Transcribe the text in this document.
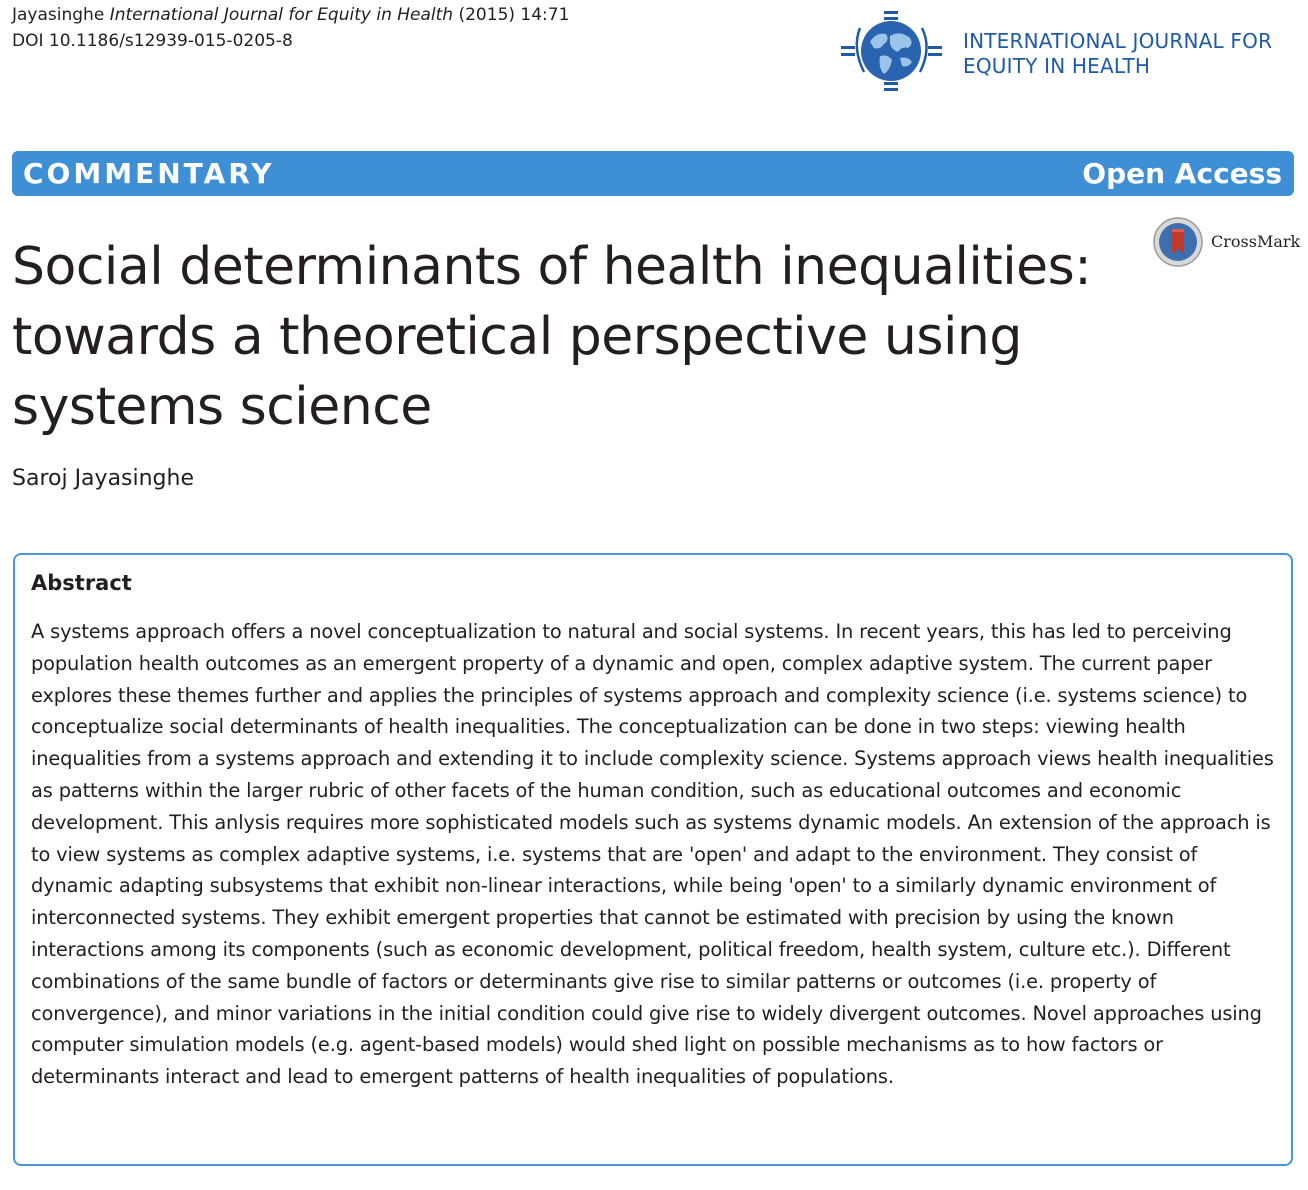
Jayasinghe International Journal for Equity in Health (2015) 14:71
DOI 10.1186/s12939-015-0205-8	INTERNATIONAL JOURNAL FOR
EQUITY IN HEALTH
COMMENTARY	Open Access
CrossMark
Social determinants of health inequalities: towards a theoretical perspective using systems science
Saroj Jayasinghe
Abstract

A systems approach offers a novel conceptualization to natural and social systems. In recent years, this has led to perceiving population health outcomes as an emergent property of a dynamic and open, complex adaptive system. The current paper explores these themes further and applies the principles of systems approach and complexity science (i.e. systems science) to conceptualize social determinants of health inequalities. The conceptualization can be done in two steps: viewing health inequalities from a systems approach and extending it to include complexity science. Systems approach views health inequalities as patterns within the larger rubric of other facets of the human condition, such as educational outcomes and economic development. This anlysis requires more sophisticated models such as systems dynamic models. An extension of the approach is to view systems as complex adaptive systems, i.e. systems that are 'open' and adapt to the environment. They consist of dynamic adapting subsystems that exhibit non-linear interactions, while being 'open' to a similarly dynamic environment of interconnected systems. They exhibit emergent properties that cannot be estimated with precision by using the known interactions among its components (such as economic development, political freedom, health system, culture etc.). Different combinations of the same bundle of factors or determinants give rise to similar patterns or outcomes (i.e. property of convergence), and minor variations in the initial condition could give rise to widely divergent outcomes. Novel approaches using computer simulation models (e.g. agent-based models) would shed light on possible mechanisms as to how factors or determinants interact and lead to emergent patterns of health inequalities of populations.
